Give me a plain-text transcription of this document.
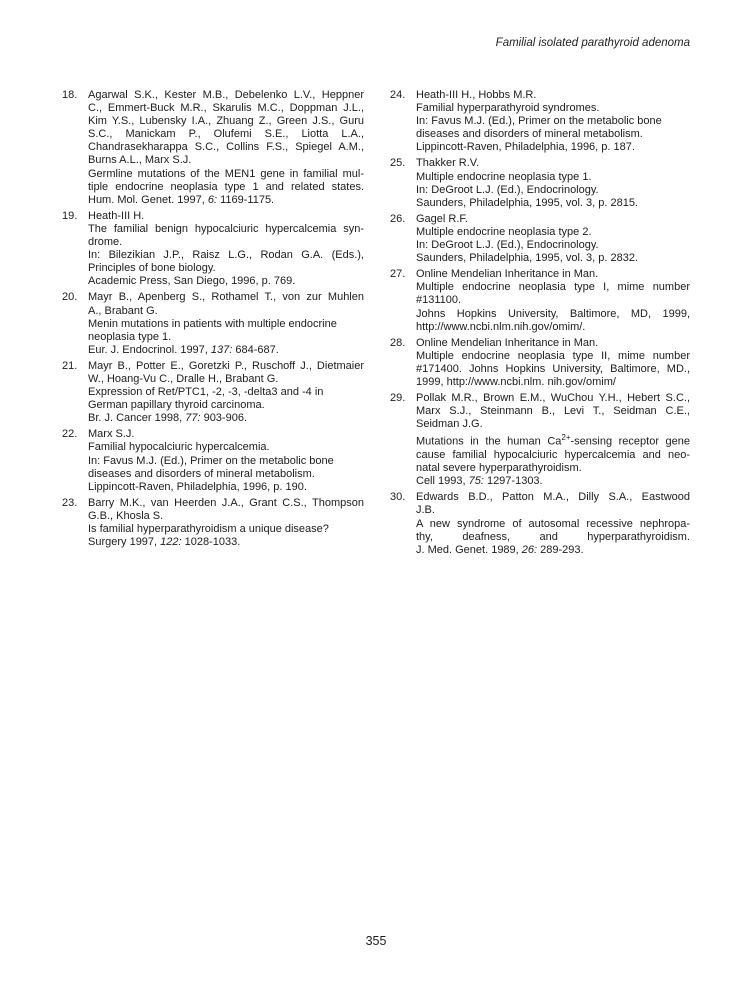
Familial isolated parathyroid adenoma
18. Agarwal S.K., Kester M.B., Debelenko L.V., Heppner
C., Emmert-Buck M.R., Skarulis M.C., Doppman J.L.,
Kim Y.S., Lubensky I.A., Zhuang Z., Green J.S., Guru
S.C., Manickam P., Olufemi S.E., Liotta L.A.,
Chandrasekharappa S.C., Collins F.S., Spiegel A.M.,
Burns A.L., Marx S.J.
Germline mutations of the MEN1 gene in familial mul-
tiple endocrine neoplasia type 1 and related states.
Hum. Mol. Genet. 1997, 6: 1169-1175.
19. Heath-III H.
The familial benign hypocalciuric hypercalcemia syn-
drome.
In: Bilezikian J.P., Raisz L.G., Rodan G.A. (Eds.),
Principles of bone biology.
Academic Press, San Diego, 1996, p. 769.
20. Mayr B., Apenberg S., Rothamel T., von zur Muhlen
A., Brabant G.
Menin mutations in patients with multiple endocrine
neoplasia type 1.
Eur. J. Endocrinol. 1997, 137: 684-687.
21. Mayr B., Potter E., Goretzki P., Ruschoff J., Dietmaier
W., Hoang-Vu C., Dralle H., Brabant G.
Expression of Ret/PTC1, -2, -3, -delta3 and -4 in
German papillary thyroid carcinoma.
Br. J. Cancer 1998, 77: 903-906.
22. Marx S.J.
Familial hypocalciuric hypercalcemia.
In: Favus M.J. (Ed.), Primer on the metabolic bone
diseases and disorders of mineral metabolism.
Lippincott-Raven, Philadelphia, 1996, p. 190.
23. Barry M.K., van Heerden J.A., Grant C.S., Thompson
G.B., Khosla S.
Is familial hyperparathyroidism a unique disease?
Surgery 1997, 122: 1028-1033.
24. Heath-III H., Hobbs M.R.
Familial hyperparathyroid syndromes.
In: Favus M.J. (Ed.), Primer on the metabolic bone
diseases and disorders of mineral metabolism.
Lippincott-Raven, Philadelphia, 1996, p. 187.
25. Thakker R.V.
Multiple endocrine neoplasia type 1.
In: DeGroot L.J. (Ed.), Endocrinology.
Saunders, Philadelphia, 1995, vol. 3, p. 2815.
26. Gagel R.F.
Multiple endocrine neoplasia type 2.
In: DeGroot L.J. (Ed.), Endocrinology.
Saunders, Philadelphia, 1995, vol. 3, p. 2832.
27. Online Mendelian Inheritance in Man.
Multiple endocrine neoplasia type I, mime number
#131100.
Johns Hopkins University, Baltimore, MD, 1999,
http://www.ncbi.nlm.nih.gov/omim/.
28. Online Mendelian Inheritance in Man.
Multiple endocrine neoplasia type II, mime number
#171400. Johns Hopkins University, Baltimore, MD.,
1999, http://www.ncbi.nlm. nih.gov/omim/
29. Pollak M.R., Brown E.M., WuChou Y.H., Hebert S.C.,
Marx S.J., Steinmann B., Levi T., Seidman C.E.,
Seidman J.G.
Mutations in the human $Ca^{2+}$-sensing receptor gene
cause familial hypocalciuric hypercalcemia and neo-
natal severe hyperparathyroidism.
Cell 1993, 75: 1297-1303.
30. Edwards B.D., Patton M.A., Dilly S.A., Eastwood
J.B.
A new syndrome of autosomal recessive nephropa-
thy, deafness, and hyperparathyroidism.
J. Med. Genet. 1989, 26: 289-293.
355
